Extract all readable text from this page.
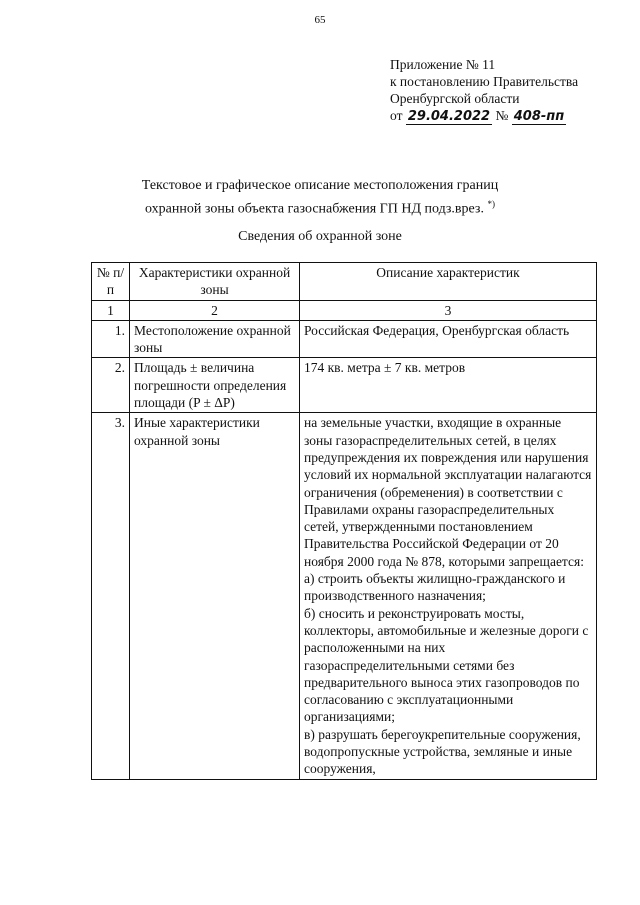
65
Приложение № 11
к постановлению Правительства
Оренбургской области
от 29.04.2022 № 408-пп
Текстовое и графическое описание местоположения границ
охранной зоны объекта газоснабжения ГП НД подз.врез. *)
Сведения об охранной зоне
№ п/п	Характеристики охранной зоны	Описание характеристик
1	2	3
1.	Местоположение охранной зоны	Российская Федерация, Оренбургская область
2.	Площадь ± величина погрешности определения площади (P ± ΔP)	174 кв. метра ± 7 кв. метров
3.	Иные характеристики охранной зоны	на земельные участки, входящие в охранные зоны газораспределительных сетей, в целях предупреждения их повреждения или нарушения условий их нормальной эксплуатации налагаются ограничения (обременения) в соответствии с Правилами охраны газораспределительных сетей, утвержденными постановлением Правительства Российской Федерации от 20 ноября 2000 года № 878, которыми запрещается:
а) строить объекты жилищно-гражданского и производственного назначения;
б) сносить и реконструировать мосты, коллекторы, автомобильные и железные дороги с расположенными на них газораспределительными сетями без предварительного выноса этих газопроводов по согласованию с эксплуатационными организациями;
в) разрушать берегоукрепительные сооружения, водопропускные устройства, земляные и иные сооружения,
